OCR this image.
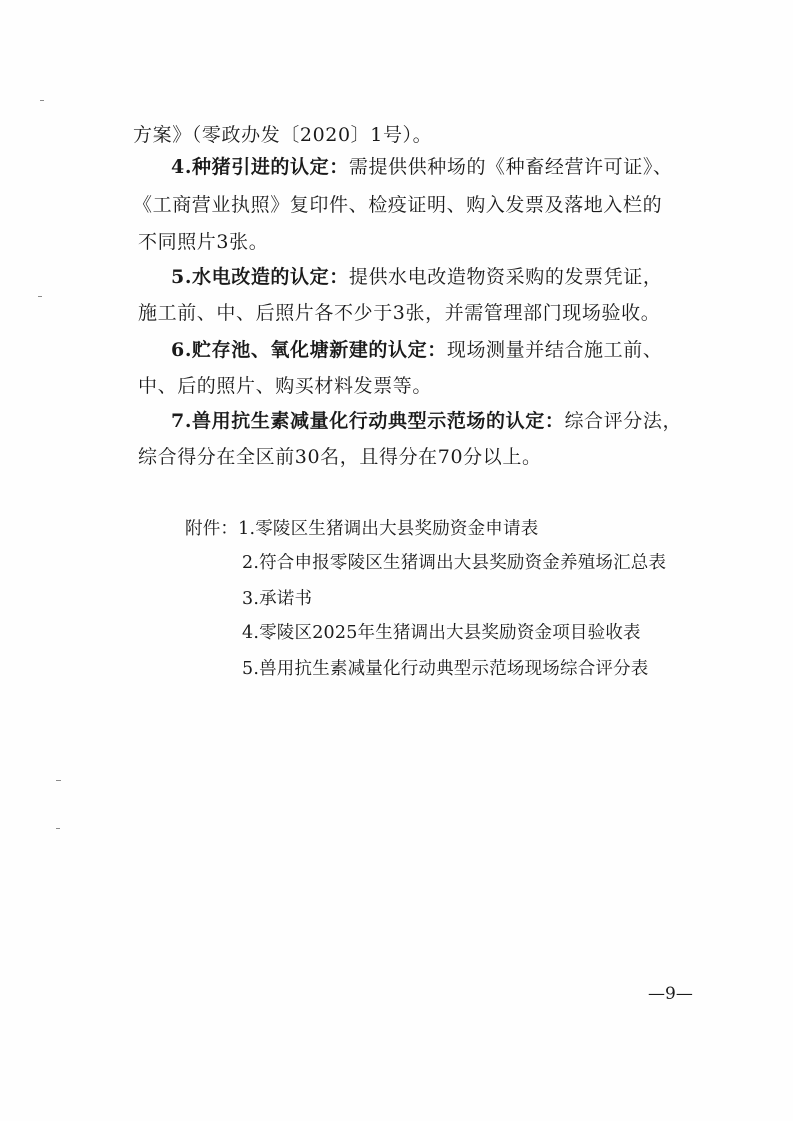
方案》（零政办发〔2020〕1号）。
4.种猪引进的认定：需提供供种场的《种畜经营许可证》、
《工商营业执照》复印件、检疫证明、购入发票及落地入栏的
不同照片3张。
5.水电改造的认定：提供水电改造物资采购的发票凭证，
施工前、中、后照片各不少于3张，并需管理部门现场验收。
6.贮存池、氧化塘新建的认定：现场测量并结合施工前、
中、后的照片、购买材料发票等。
7.兽用抗生素减量化行动典型示范场的认定：综合评分法，
综合得分在全区前30名，且得分在70分以上。
附件：1.零陵区生猪调出大县奖励资金申请表
2.符合申报零陵区生猪调出大县奖励资金养殖场汇总表
3.承诺书
4.零陵区2025年生猪调出大县奖励资金项目验收表
5.兽用抗生素减量化行动典型示范场现场综合评分表
—9—
